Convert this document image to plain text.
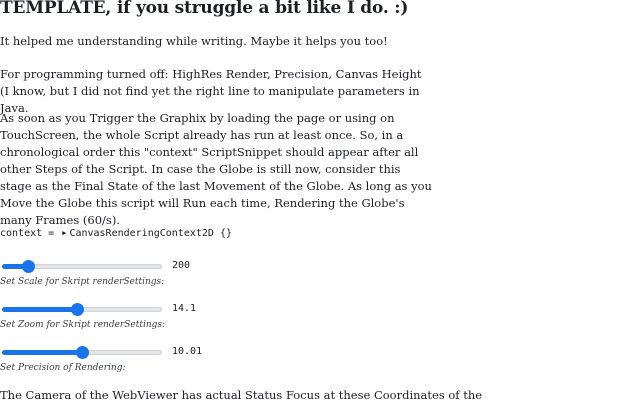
TEMPLATE, if you struggle a bit like I do. :)

It helped me understanding while writing. Maybe it helps you too!

For programming turned off: HighRes Render, Precision, Canvas Height (I know, but I did not find yet the right line to manipulate parameters in Java.

As soon as you Trigger the Graphix by loading the page or using on TouchScreen, the whole Script already has run at least once. So, in a chronological order this "context" ScriptSnippet should appear after all other Steps of the Script. In case the Globe is still now, consider this stage as the Final State of the last Movement of the Globe. As long as you Move the Globe this script will Run each time, Rendering the Globe's many Frames (60/s).

context = ▶ CanvasRenderingContext2D {}
200
Set Scale for Skript renderSettings:
14.1
Set Zoom for Skript renderSettings:
10.01
Set Precision of Rendering:

The Camera of the WebViewer has actual Status Focus at these Coordinates of the
